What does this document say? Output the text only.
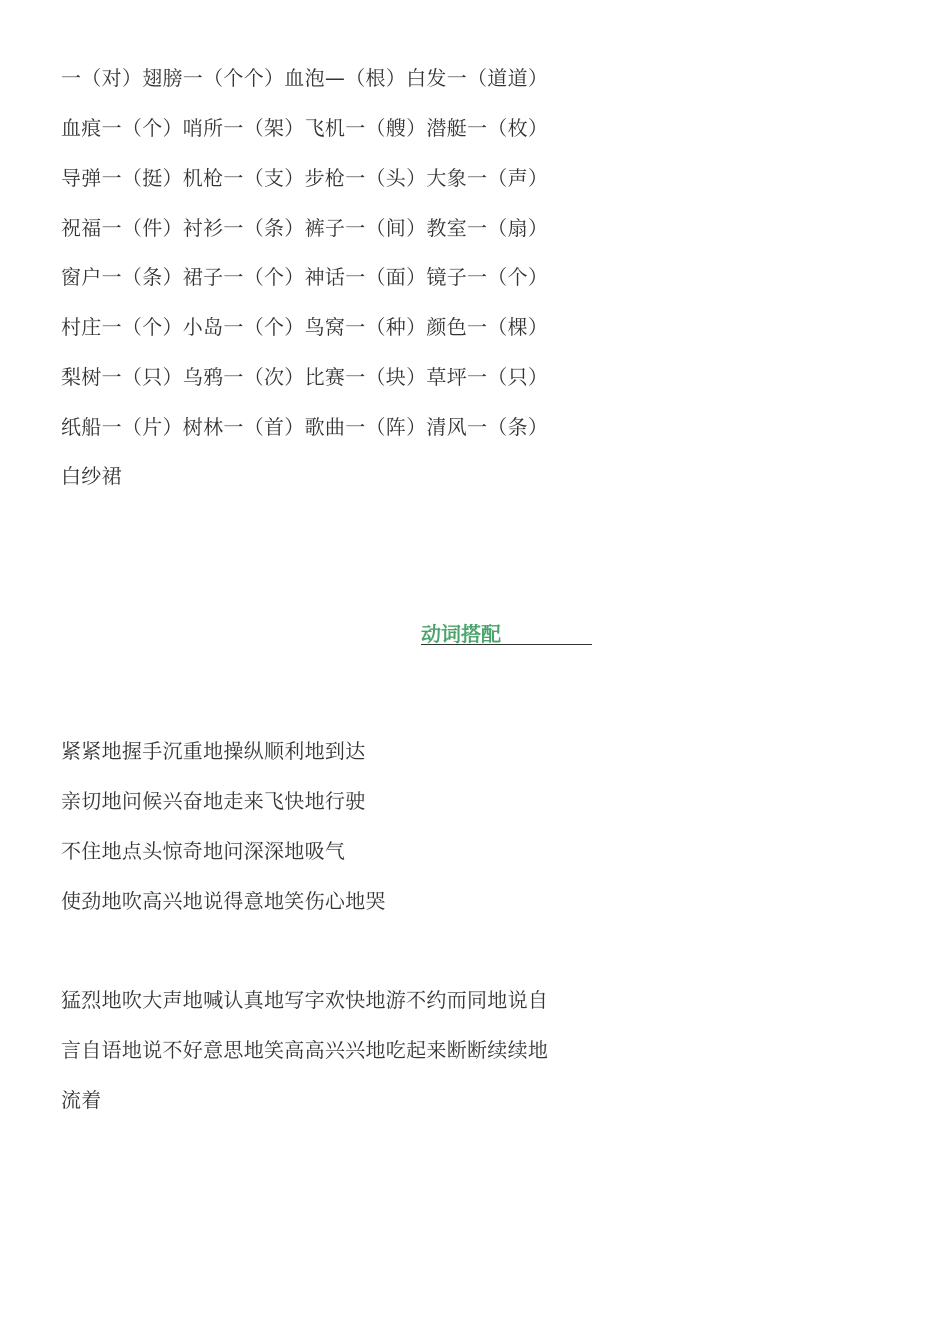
一（对）翅膀一（个个）血泡—（根）白发一（道道）
血痕一（个）哨所一（架）飞机一（艘）潜艇一（枚）
导弹一（挺）机枪一（支）步枪一（头）大象一（声）
祝福一（件）衬衫一（条）裤子一（间）教室一（扇）
窗户一（条）裙子一（个）神话一（面）镜子一（个）
村庄一（个）小岛一（个）鸟窝一（种）颜色一（棵）
梨树一（只）乌鸦一（次）比赛一（块）草坪一（只）
纸船一（片）树林一（首）歌曲一（阵）清风一（条）
白纱裙
动词搭配
紧紧地握手沉重地操纵顺利地到达
亲切地问候兴奋地走来飞快地行驶
不住地点头惊奇地问深深地吸气
使劲地吹高兴地说得意地笑伤心地哭
猛烈地吹大声地喊认真地写字欢快地游不约而同地说自
言自语地说不好意思地笑高高兴兴地吃起来断断续续地
流着
